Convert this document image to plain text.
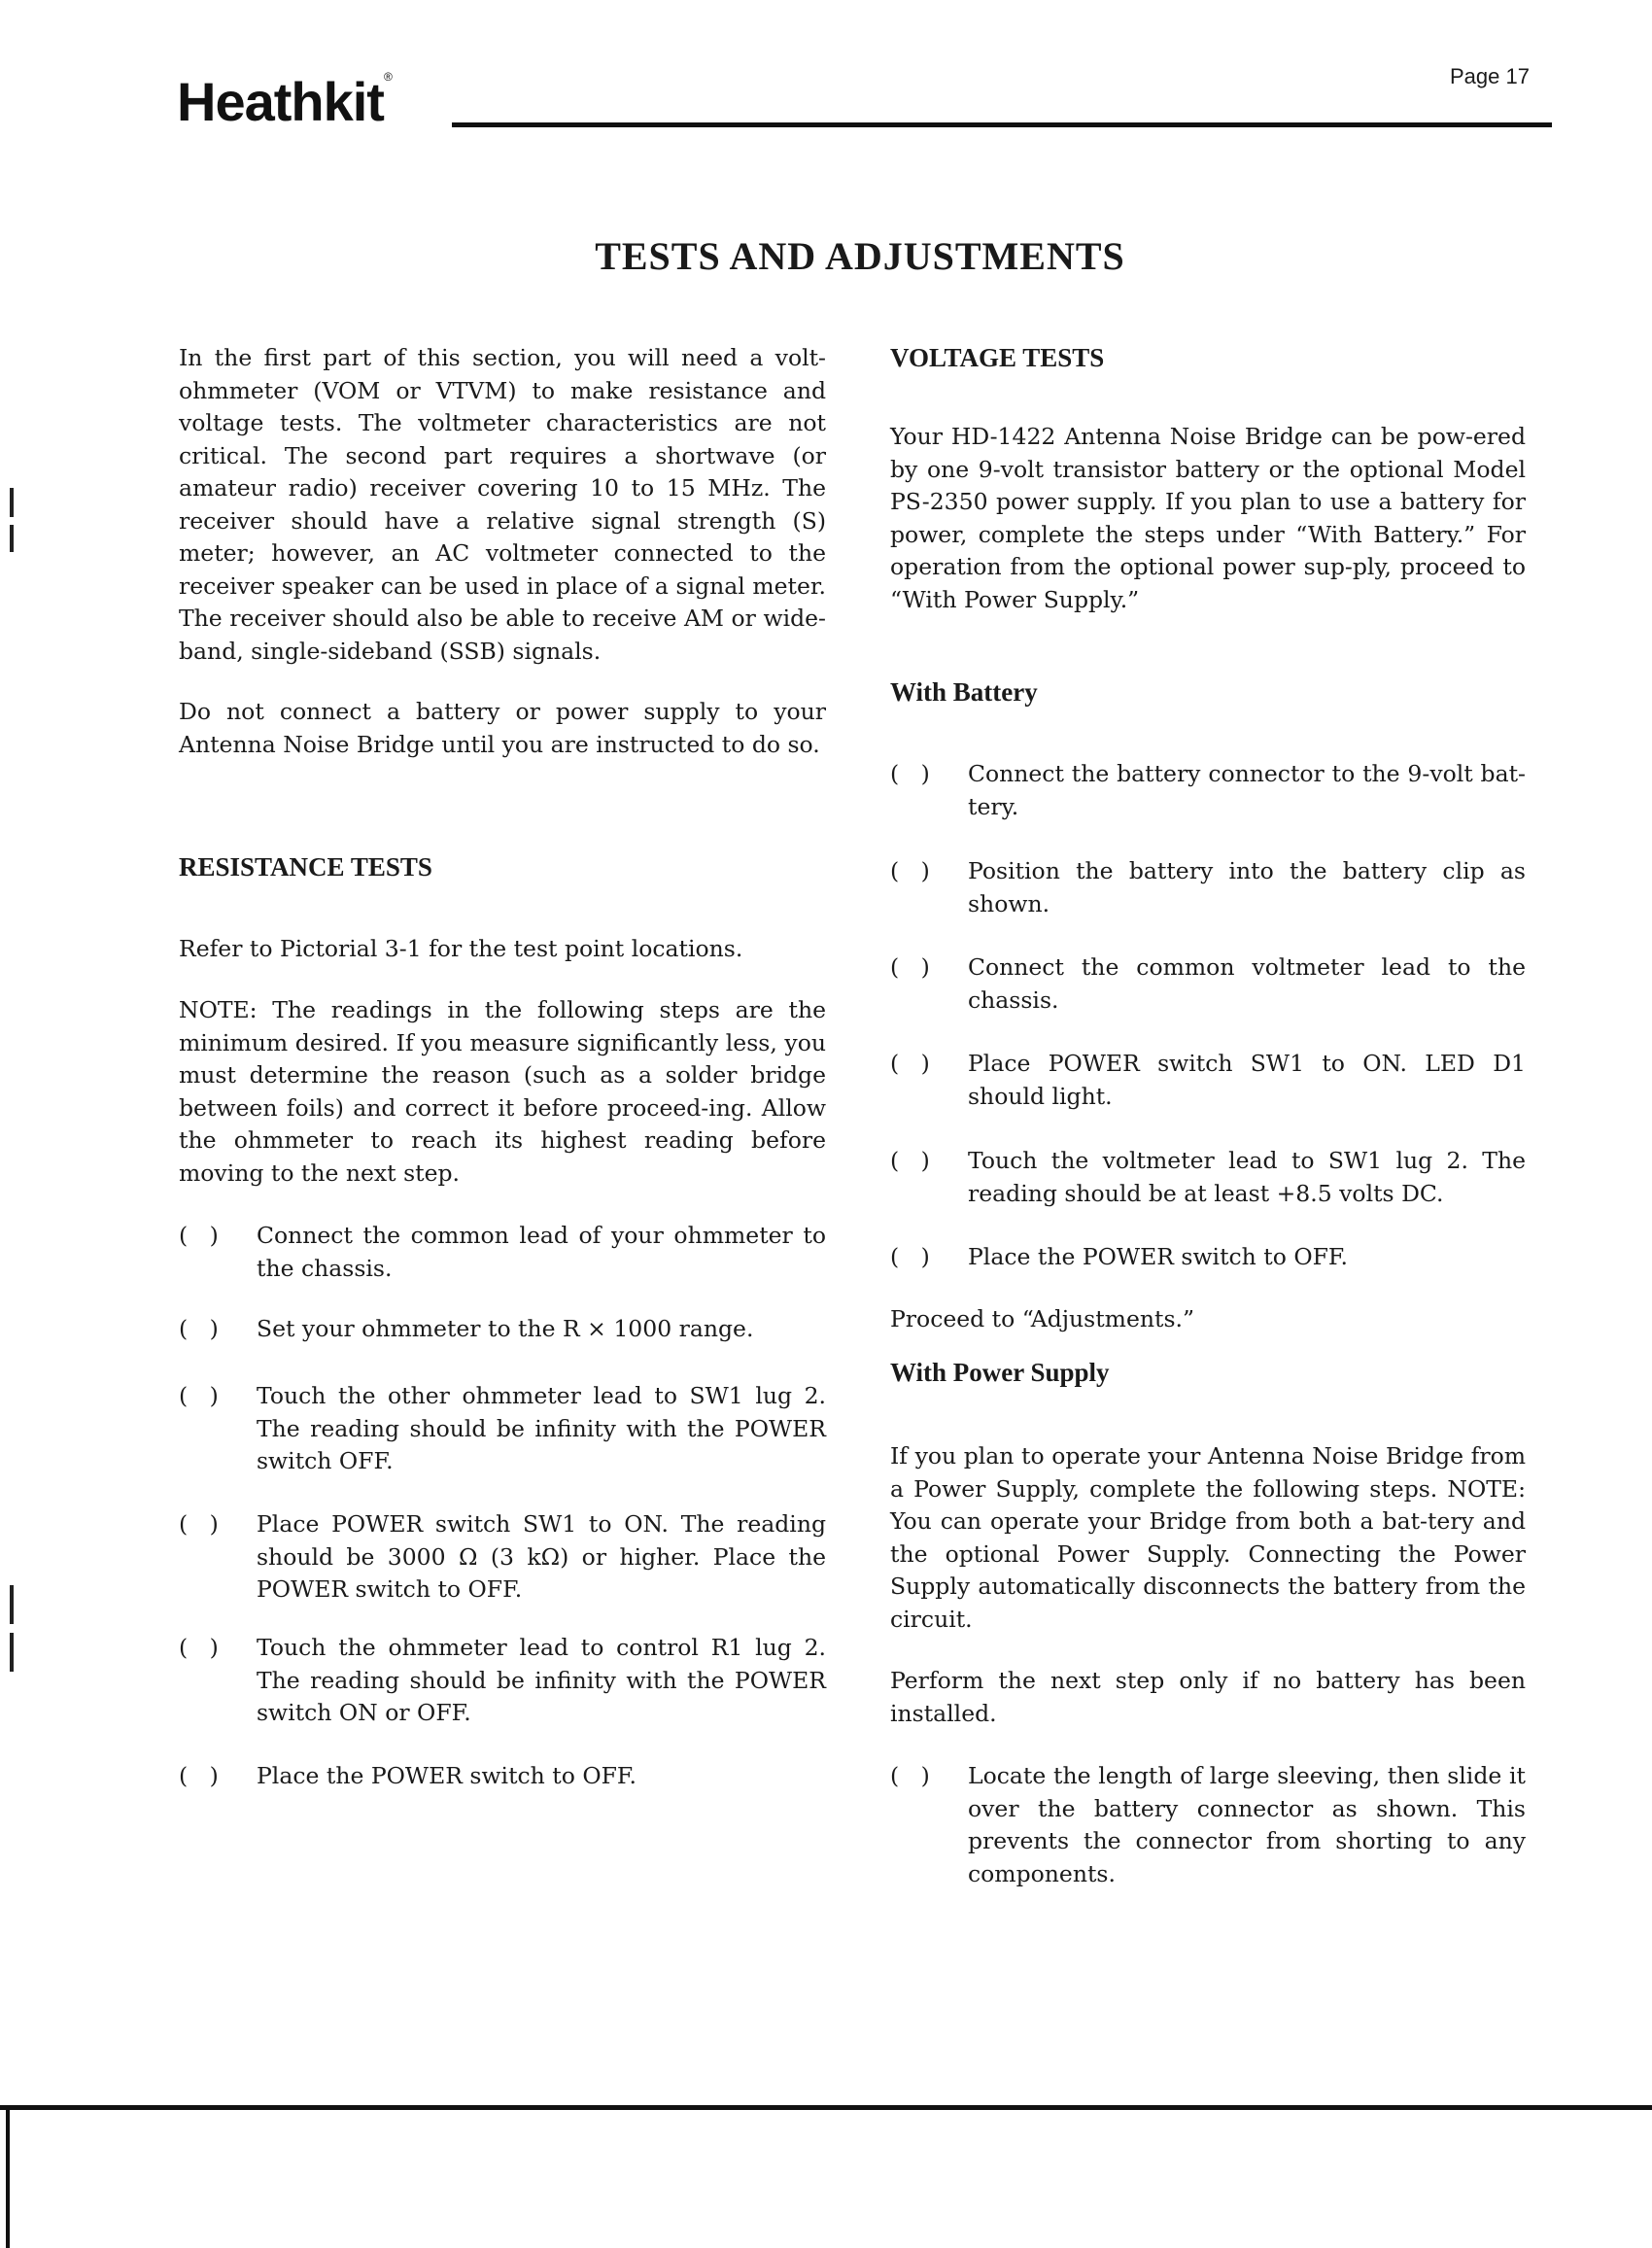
Heathkit®	Page 17
TESTS AND ADJUSTMENTS
In the first part of this section, you will need a volt-ohmmeter (VOM or VTVM) to make resistance and voltage tests. The voltmeter characteristics are not critical. The second part requires a shortwave (or amateur radio) receiver covering 10 to 15 MHz. The receiver should have a relative signal strength (S) meter; however, an AC voltmeter connected to the receiver speaker can be used in place of a signal meter. The receiver should also be able to receive AM or wide-band, single-sideband (SSB) signals.
Do not connect a battery or power supply to your Antenna Noise Bridge until you are instructed to do so.
RESISTANCE TESTS
Refer to Pictorial 3-1 for the test point locations.
NOTE: The readings in the following steps are the minimum desired. If you measure significantly less, you must determine the reason (such as a solder bridge between foils) and correct it before proceed-ing. Allow the ohmmeter to reach its highest reading before moving to the next step.
(   )	Connect the common lead of your ohmmeter to the chassis.
(   )	Set your ohmmeter to the R × 1000 range.
(   )	Touch the other ohmmeter lead to SW1 lug 2. The reading should be infinity with the POWER switch OFF.
(   )	Place POWER switch SW1 to ON. The reading should be 3000 Ω (3 kΩ) or higher. Place the POWER switch to OFF.
(   )	Touch the ohmmeter lead to control R1 lug 2. The reading should be infinity with the POWER switch ON or OFF.
(   )	Place the POWER switch to OFF.
VOLTAGE TESTS
Your HD-1422 Antenna Noise Bridge can be pow-ered by one 9-volt transistor battery or the optional Model PS-2350 power supply. If you plan to use a battery for power, complete the steps under “With Battery.” For operation from the optional power sup-ply, proceed to “With Power Supply.”
With Battery
(   )	Connect the battery connector to the 9-volt bat-tery.
(   )	Position the battery into the battery clip as shown.
(   )	Connect the common voltmeter lead to the chassis.
(   )	Place POWER switch SW1 to ON. LED D1 should light.
(   )	Touch the voltmeter lead to SW1 lug 2. The reading should be at least +8.5 volts DC.
(   )	Place the POWER switch to OFF.
Proceed to “Adjustments.”
With Power Supply
If you plan to operate your Antenna Noise Bridge from a Power Supply, complete the following steps. NOTE: You can operate your Bridge from both a bat-tery and the optional Power Supply. Connecting the Power Supply automatically disconnects the battery from the circuit.
Perform the next step only if no battery has been installed.
(   )	Locate the length of large sleeving, then slide it over the battery connector as shown. This prevents the connector from shorting to any components.
